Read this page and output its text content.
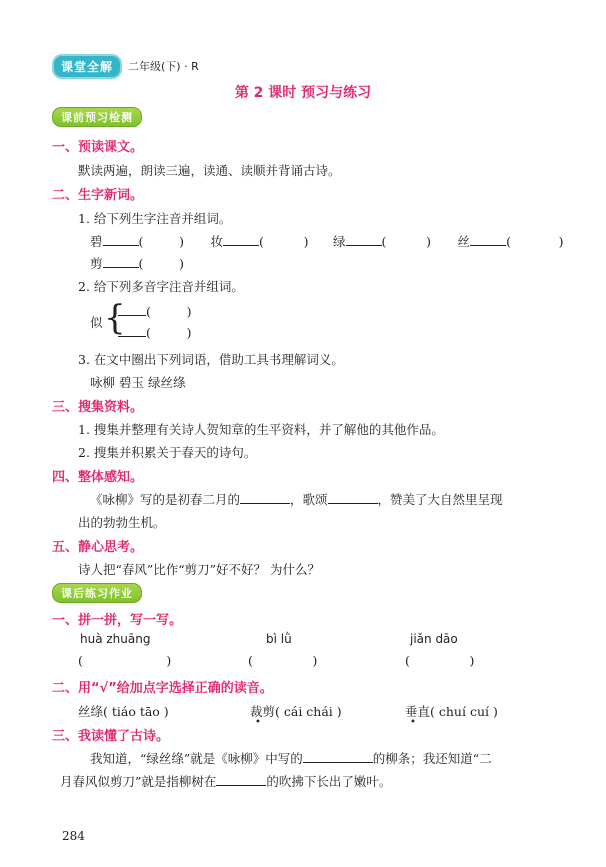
课堂全解	二年级(下) · R
第 2 课时 预习与练习
课前预习检测
一、预读课文。
默读两遍，朗读三遍，读通、读顺并背诵古诗。
二、生字新词。
1. 给下列生字注音并组词。
碧	(         ) 妆	(          ) 绿	(          ) 丝	(            )
剪	(         )
2. 给下列多音字注音并组词。
似 {	(         )
(         )
3. 在文中圈出下列词语，借助工具书理解词义。
咏柳 碧玉 绿丝绦
三、搜集资料。
1. 搜集并整理有关诗人贺知章的生平资料，并了解他的其他作品。
2. 搜集并积累关于春天的诗句。
四、整体感知。
《咏柳》写的是初春二月的	，歌颂	，赞美了大自然里呈现
出的勃勃生机。
五、静心思考。
诗人把“春风”比作“剪刀”好不好？ 为什么？
课后练习作业
一、拼一拼，写一写。
huà zhuāng	bì lǜ	jiǎn dāo
(                     )	(               )	(               )
二、用“√”给加点字选择正确的读音。
丝绦( tiáo tāo )	裁
•
剪( cái chái )	垂
•
直( chuí cuí )
三、我读懂了古诗。
我知道，“绿丝绦”就是《咏柳》中写的	的柳条；我还知道“二
月春风似剪刀”就是指柳树在	的吹拂下长出了嫩叶。
284
